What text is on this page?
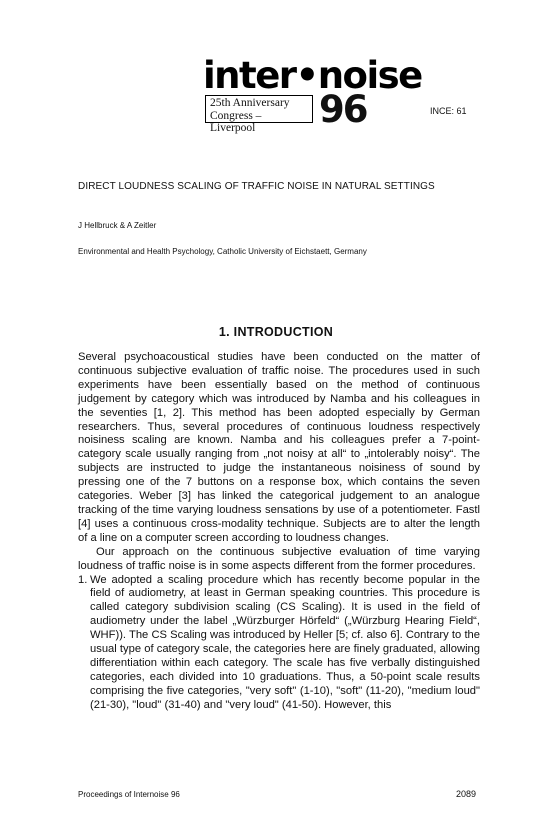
inter•noise
25th Anniversary
Congress – Liverpool	96	INCE: 61
DIRECT LOUDNESS SCALING OF TRAFFIC NOISE IN NATURAL SETTINGS
J Hellbruck & A Zeitler
Environmental and Health Psychology, Catholic University of Eichstaett, Germany
1. INTRODUCTION

Several psychoacoustical studies have been conducted on the matter of continuous subjective evaluation of traffic noise. The procedures used in such experiments have been essentially based on the method of continuous judgement by category which was introduced by Namba and his colleagues in the seventies [1, 2]. This method has been adopted especially by German researchers. Thus, several procedures of continuous loudness respectively noisiness scaling are known. Namba and his colleagues prefer a 7-point-category scale usually ranging from „not noisy at all“ to „intolerably noisy“. The subjects are instructed to judge the instantaneous noisiness of sound by pressing one of the 7 buttons on a response box, which contains the seven categories. Weber [3] has linked the categorical judgement to an analogue tracking of the time varying loudness sensations by use of a potentiometer. Fastl [4] uses a continuous cross-modality technique. Subjects are to alter the length of a line on a computer screen according to loudness changes.

Our approach on the continuous subjective evaluation of time varying loudness of traffic noise is in some aspects different from the former procedures.

1. We adopted a scaling procedure which has recently become popular in the field of audiometry, at least in German speaking countries. This procedure is called category subdivision scaling (CS Scaling). It is used in the field of audiometry under the label „Würzburger Hörfeld“ („Würzburg Hearing Field“, WHF)). The CS Scaling was introduced by Heller [5; cf. also 6]. Contrary to the usual type of category scale, the categories here are finely graduated, allowing differentiation within each category. The scale has five verbally distinguished categories, each divided into 10 graduations. Thus, a 50-point scale results comprising the five categories, "very soft" (1-10), "soft" (11-20), "medium loud" (21-30), "loud" (31-40) and "very loud" (41-50). However, this
Proceedings of Internoise 96	2089
